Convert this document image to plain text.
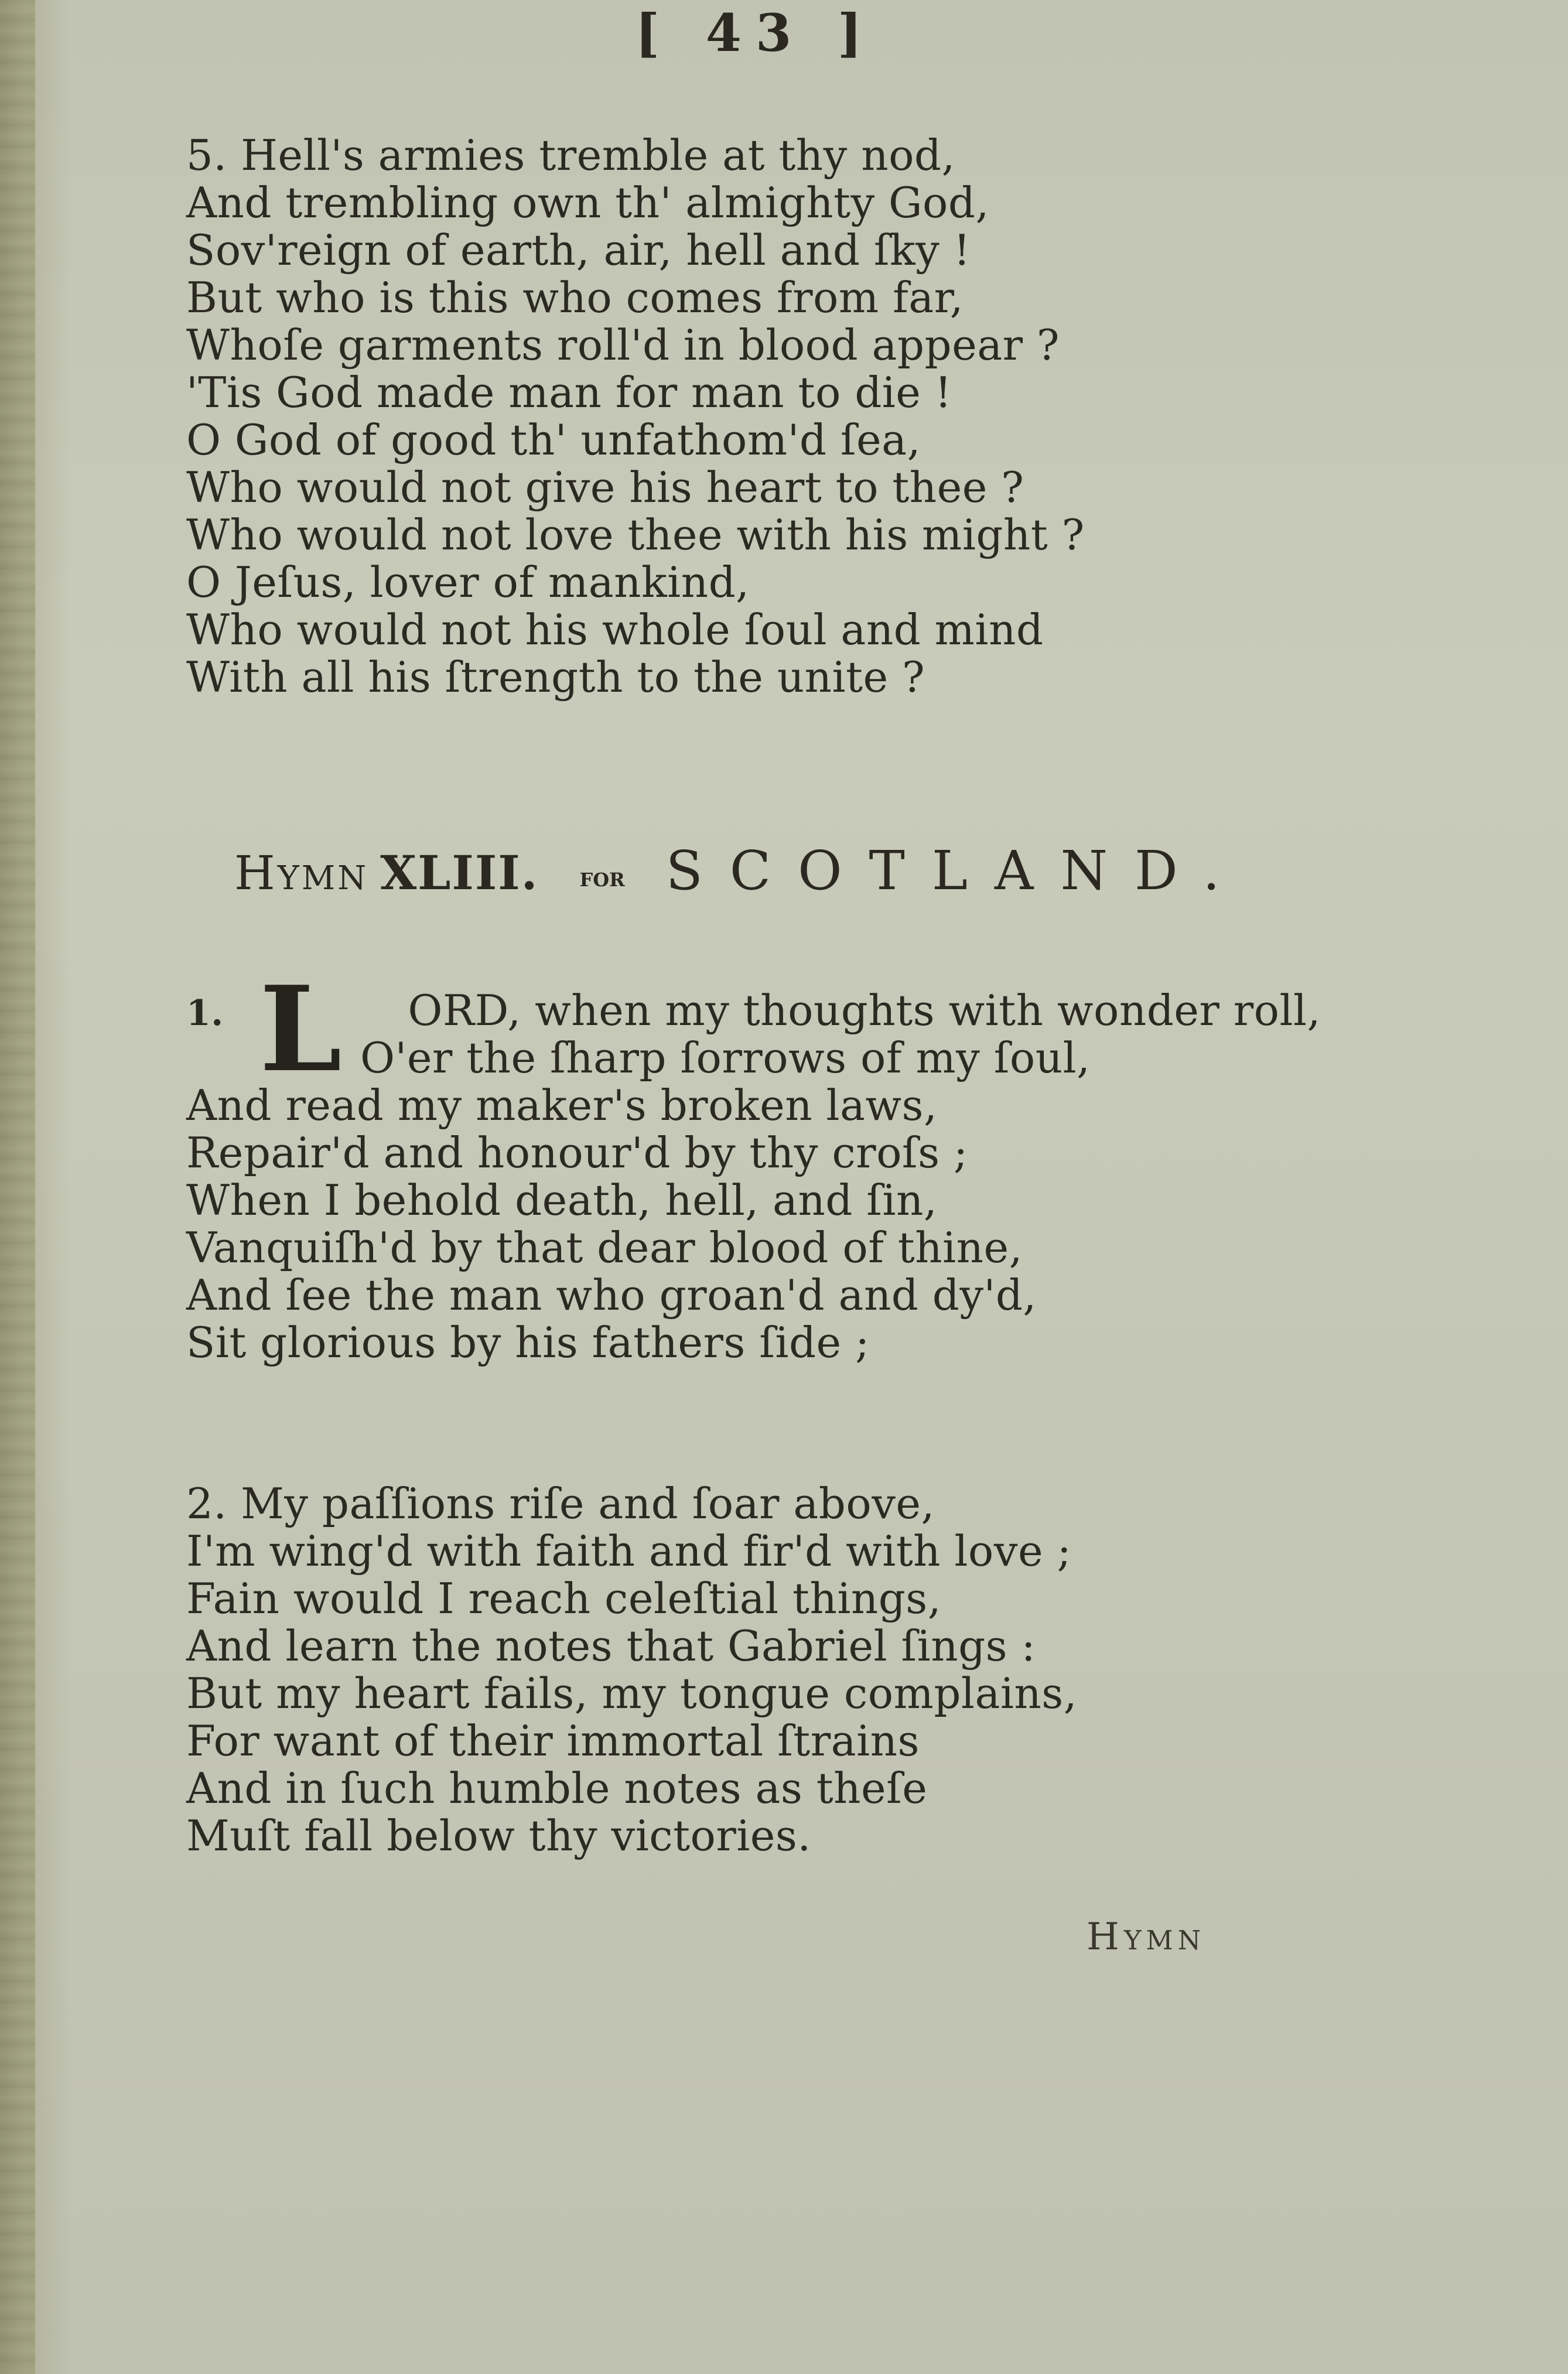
[ 43 ]
5. Hell's armies tremble at thy nod,
And trembling own th' almighty God,
Sov'reign of earth, air, hell and ſky !
But who is this who comes from far,
Whoſe garments roll'd in blood appear ?
'Tis God made man for man to die !
O God of good th' unfathom'd ſea,
Who would not give his heart to thee ?
Who would not love thee with his might ?
O Jeſus, lover of mankind,
Who would not his whole ſoul and mind
With all his ſtrength to the unite ?
Hymn XLIII. for SCOTLAND.
1. L ORD, when my thoughts with wonder roll,
O'er the ſharp ſorrows of my ſoul,
And read my maker's broken laws,
Repair'd and honour'd by thy croſs ;
When I behold death, hell, and ſin,
Vanquiſh'd by that dear blood of thine,
And ſee the man who groan'd and dy'd,
Sit glorious by his fathers ſide ;
2. My paſſions riſe and ſoar above,
I'm wing'd with faith and fir'd with love ;
Fain would I reach celeſtial things,
And learn the notes that Gabriel ſings :
But my heart fails, my tongue complains,
For want of their immortal ſtrains
And in ſuch humble notes as theſe
Muſt fall below thy victories.
Hymn
